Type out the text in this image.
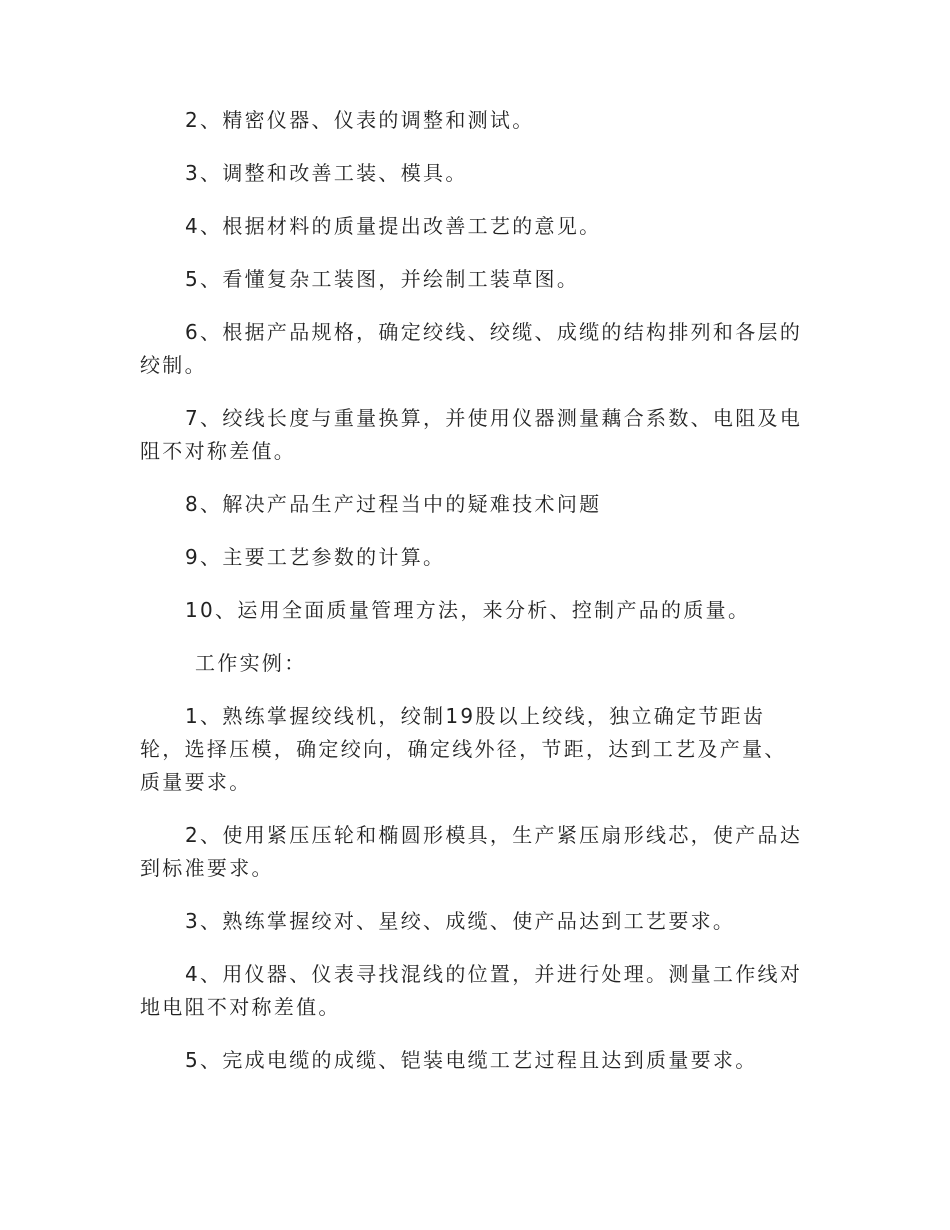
2、精密仪器、仪表的调整和测试。

3、调整和改善工装、模具。

4、根据材料的质量提出改善工艺的意见。

5、看懂复杂工装图，并绘制工装草图。

6、根据产品规格，确定绞线、绞缆、成缆的结构排列和各层的绞制。

7、绞线长度与重量换算，并使用仪器测量藕合系数、电阻及电阻不对称差值。

8、解决产品生产过程当中的疑难技术问题

9、主要工艺参数的计算。

10、运用全面质量管理方法，来分析、控制产品的质量。

工作实例：

1、熟练掌握绞线机，绞制19股以上绞线，独立确定节距齿轮，选择压模，确定绞向，确定线外径，节距，达到工艺及产量、质量要求。

2、使用紧压压轮和椭圆形模具，生产紧压扇形线芯，使产品达到标准要求。

3、熟练掌握绞对、星绞、成缆、使产品达到工艺要求。

4、用仪器、仪表寻找混线的位置，并进行处理。测量工作线对地电阻不对称差值。

5、完成电缆的成缆、铠装电缆工艺过程且达到质量要求。
